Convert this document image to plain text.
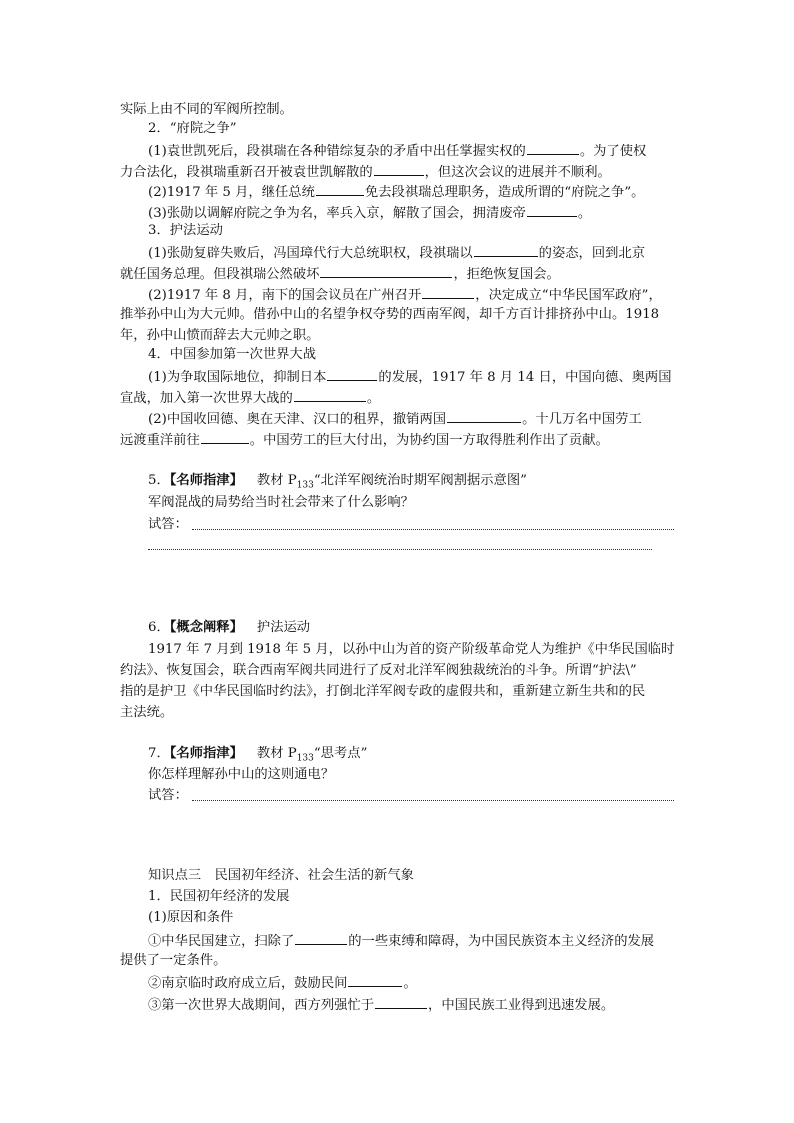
实际上由不同的军阀所控制。
2．“府院之争”
(1)袁世凯死后，段祺瑞在各种错综复杂的矛盾中出任掌握实权的	。为了使权
力合法化，段祺瑞重新召开被袁世凯解散的	，但这次会议的进展并不顺利。
(2)1917 年 5 月，继任总统	免去段祺瑞总理职务，造成所谓的“府院之争”。
(3)张勋以调解府院之争为名，率兵入京，解散了国会，拥清废帝	。
3．护法运动
(1)张勋复辟失败后，冯国璋代行大总统职权，段祺瑞以	的姿态，回到北京
就任国务总理。但段祺瑞公然破坏	，拒绝恢复国会。
(2)1917 年 8 月，南下的国会议员在广州召开	，决定成立“中华民国军政府”，
推举孙中山为大元帅。借孙中山的名望争权夺势的西南军阀，却千方百计排挤孙中山。1918
年，孙中山愤而辞去大元帅之职。
4．中国参加第一次世界大战
(1)为争取国际地位，抑制日本	的发展，1917 年 8 月 14 日，中国向德、奥两国
宣战，加入第一次世界大战的	。
(2)中国收回德、奥在天津、汉口的租界，撤销两国	。十几万名中国劳工
远渡重洋前往	。中国劳工的巨大付出，为协约国一方取得胜利作出了贡献。
5．【名师指津】 教材 $P_{133}“$北洋军阀统治时期军阀割据示意图”
军阀混战的局势给当时社会带来了什么影响？
试答：
6．【概念阐释】 护法运动
1917 年 7 月到 1918 年 5 月，以孙中山为首的资产阶级革命党人为维护《中华民国临时
约法》、恢复国会，联合西南军阀共同进行了反对北洋军阀独裁统治的斗争。所谓“护法\”
指的是护卫《中华民国临时约法》，打倒北洋军阀专政的虚假共和，重新建立新生共和的民
主法统。
7．【名师指津】 教材 $P_{133}“$思考点”
你怎样理解孙中山的这则通电？
试答：
知识点三　民国初年经济、社会生活的新气象
1．民国初年经济的发展
(1)原因和条件
①中华民国建立，扫除了	的一些束缚和障碍，为中国民族资本主义经济的发展
提供了一定条件。
②南京临时政府成立后，鼓励民间	。
③第一次世界大战期间，西方列强忙于	，中国民族工业得到迅速发展。
